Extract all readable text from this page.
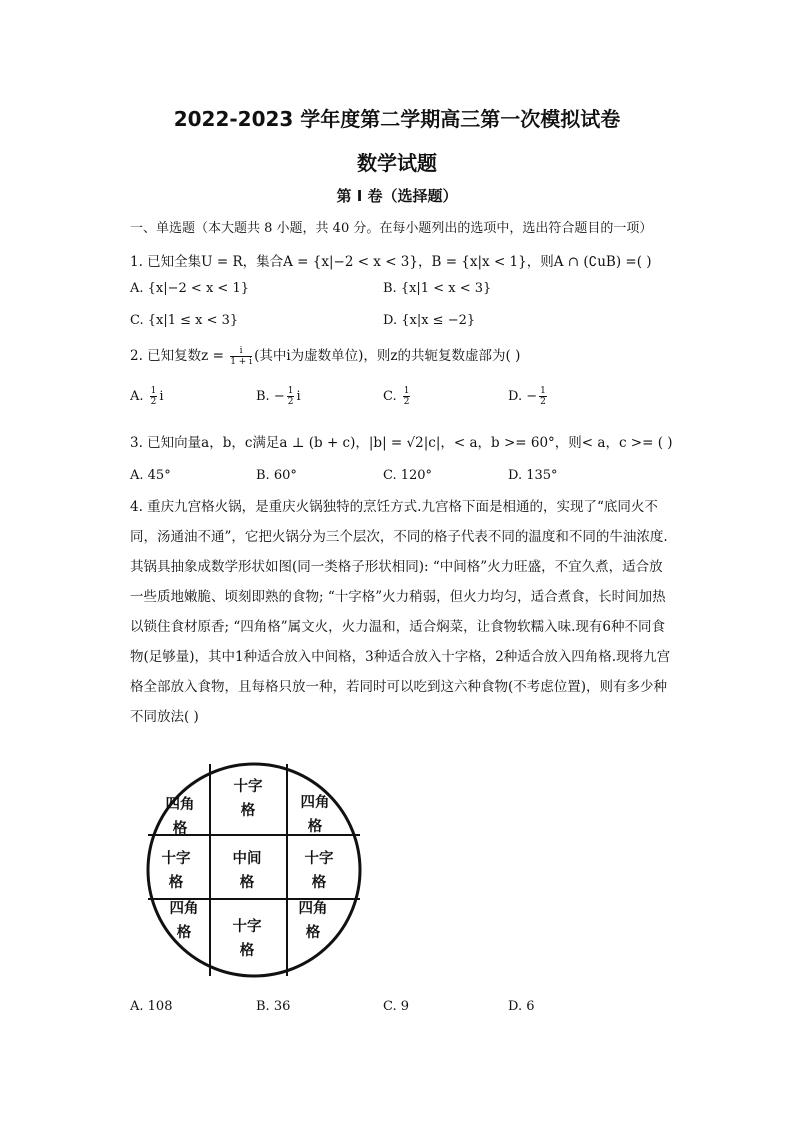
2022-2023 学年度第二学期高三第一次模拟试卷
数学试题
第 I 卷（选择题）
一、单选题（本大题共 8 小题，共 40 分。在每小题列出的选项中，选出符合题目的一项）
1. 已知全集U = R，集合A = {x|−2 < x < 3}，B = {x|x < 1}，则A ∩ (∁uB) =( )
A. {x|−2 < x < 1}	B. {x|1 < x < 3}
C. {x|1 ≤ x < 3}	D. {x|x ≤ −2}
2. 已知复数$z = \frac{i}{1 + i}$ (其中i为虚数单位)，则z的共轭复数虚部为( )
A. $\frac{1}{2}$ i	B. − $\frac{1}{2}$ i	C. $\frac{1}{2}$	D. − $\frac{1}{2}$
3. 已知向量a，b，c满足a ⊥ (b + c)，|b| = √2|c|，< a，b >= 60°，则< a，c >= ( )
A. 45°	B. 60°	C. 120°	D. 135°
4. 重庆九宫格火锅，是重庆火锅独特的烹饪方式.九宫格下面是相通的，实现了“底同火不
同，汤通油不通”，它把火锅分为三个层次，不同的格子代表不同的温度和不同的牛油浓度.
其锅具抽象成数学形状如图(同一类格子形状相同): “中间格”火力旺盛，不宜久煮，适合放
一些质地嫩脆、顷刻即熟的食物; “十字格”火力稍弱，但火力均匀，适合煮食，长时间加热
以锁住食材原香; “四角格”属文火，火力温和，适合焖菜，让食物软糯入味.现有6种不同食
物(足够量)，其中1种适合放入中间格，3种适合放入十字格，2种适合放入四角格.现将九宫
格全部放入食物，且每格只放一种，若同时可以吃到这六种食物(不考虑位置)，则有多少种
不同放法( )
四角
格
十字
格	四角
格
十字
格
中间
格
十字
格
四角
格	十字
格
四角
格
A. 108	B. 36	C. 9	D. 6
